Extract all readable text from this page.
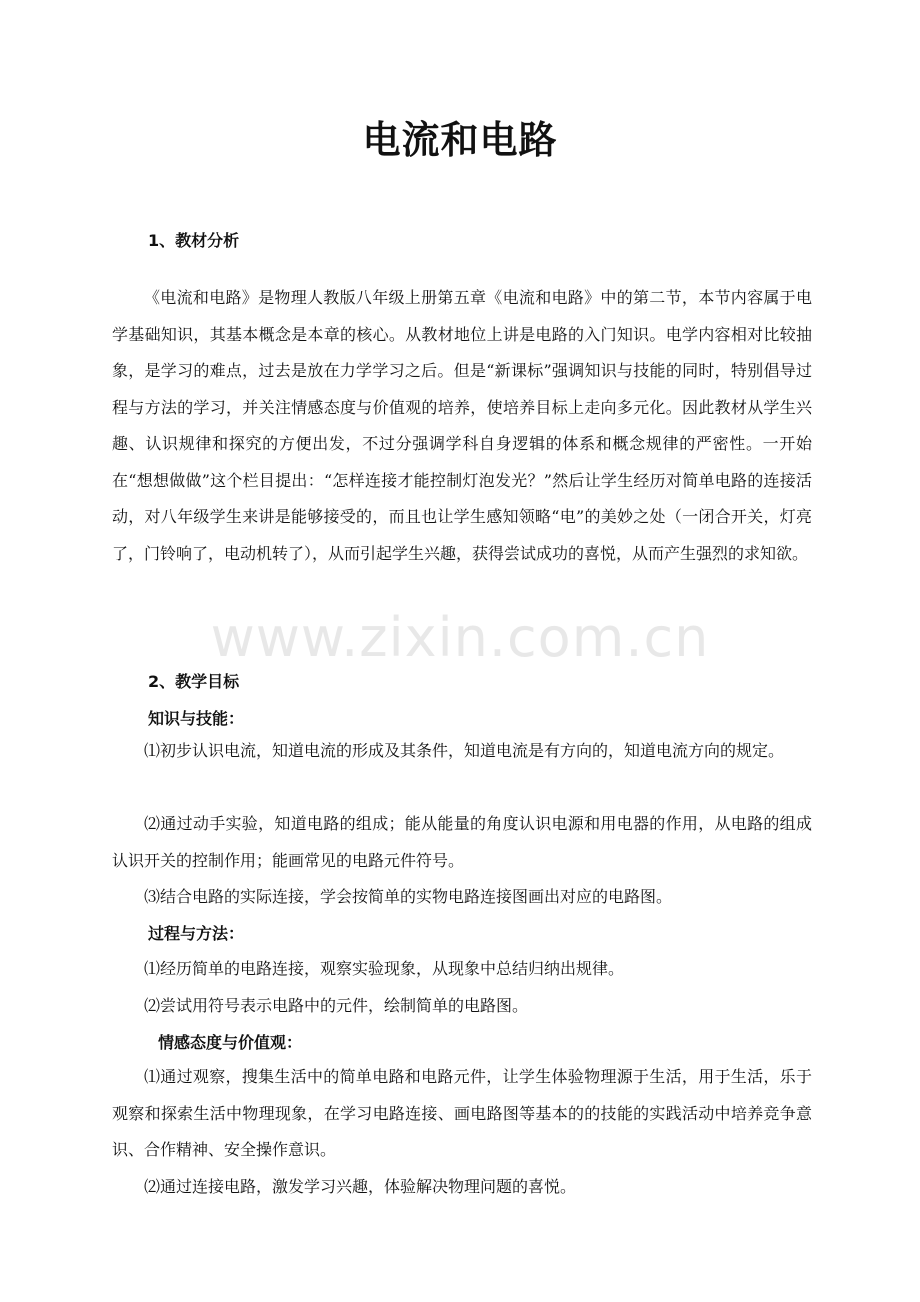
电流和电路
1、教材分析

《电流和电路》是物理人教版八年级上册第五章《电流和电路》中的第二节，本节内容属于电学基础知识，其基本概念是本章的核心。从教材地位上讲是电路的入门知识。电学内容相对比较抽象，是学习的难点，过去是放在力学学习之后。但是“新课标”强调知识与技能的同时，特别倡导过程与方法的学习，并关注情感态度与价值观的培养，使培养目标上走向多元化。因此教材从学生兴趣、认识规律和探究的方便出发，不过分强调学科自身逻辑的体系和概念规律的严密性。一开始在“想想做做”这个栏目提出：“怎样连接才能控制灯泡发光？”然后让学生经历对简单电路的连接活动，对八年级学生来讲是能够接受的，而且也让学生感知领略“电”的美妙之处（一闭合开关，灯亮了，门铃响了，电动机转了），从而引起学生兴趣，获得尝试成功的喜悦，从而产生强烈的求知欲。

www.zixin.com.cn
2、教学目标
知识与技能：

⑴初步认识电流，知道电流的形成及其条件，知道电流是有方向的，知道电流方向的规定。

⑵通过动手实验，知道电路的组成；能从能量的角度认识电源和用电器的作用，从电路的组成认识开关的控制作用；能画常见的电路元件符号。

⑶结合电路的实际连接，学会按简单的实物电路连接图画出对应的电路图。

过程与方法：

⑴经历简单的电路连接，观察实验现象，从现象中总结归纳出规律。

⑵尝试用符号表示电路中的元件，绘制简单的电路图。

情感态度与价值观：

⑴通过观察，搜集生活中的简单电路和电路元件，让学生体验物理源于生活，用于生活，乐于观察和探索生活中物理现象，在学习电路连接、画电路图等基本的的技能的实践活动中培养竞争意识、合作精神、安全操作意识。

⑵通过连接电路，激发学习兴趣，体验解决物理问题的喜悦。
